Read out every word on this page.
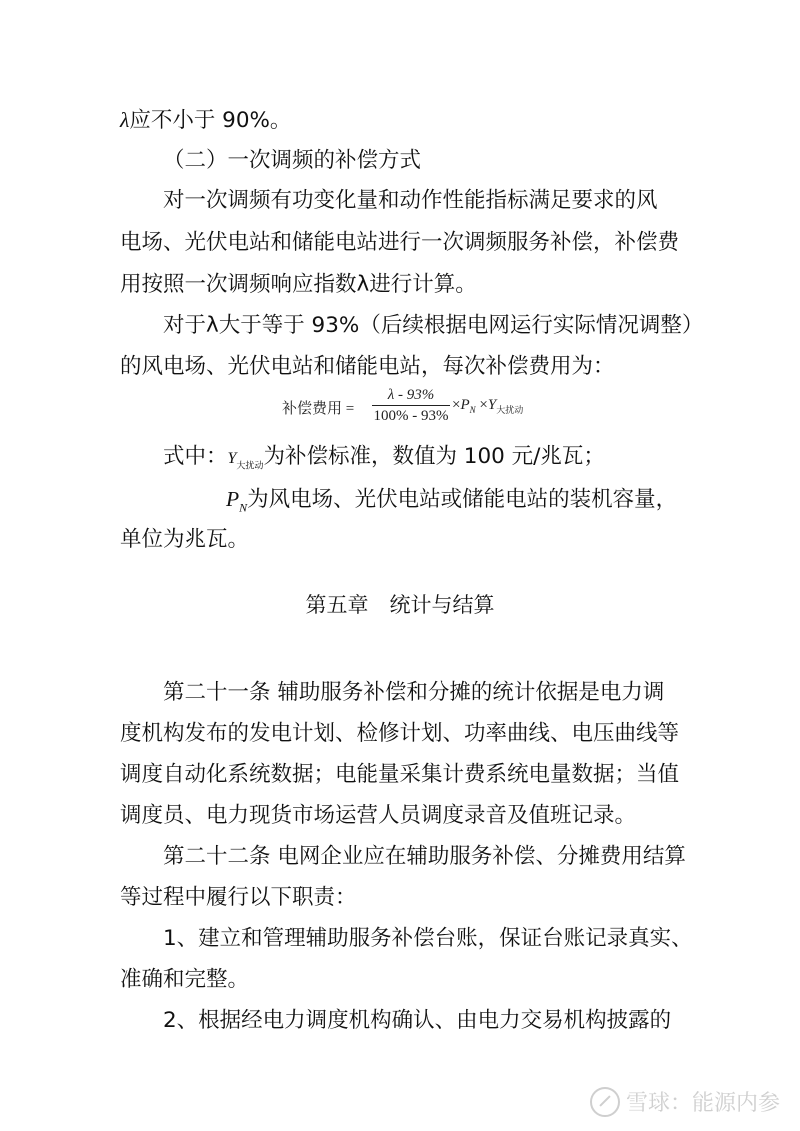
λ应不小于 90%。
（二）一次调频的补偿方式
对一次调频有功变化量和动作性能指标满足要求的风
电场、光伏电站和储能电站进行一次调频服务补偿，补偿费
用按照一次调频响应指数λ进行计算。
对于λ大于等于 93%（后续根据电网运行实际情况调整）
的风电场、光伏电站和储能电站，每次补偿费用为：
补偿费用 =
λ - 93%
100% - 93%
$\times P_N \times Y_{大扰动}$
式中：$Y_{大扰动}$为补偿标准，数值为 100 元/兆瓦；
$P_N$为风电场、光伏电站或储能电站的装机容量，
单位为兆瓦。
第五章　统计与结算
第二十一条 辅助服务补偿和分摊的统计依据是电力调
度机构发布的发电计划、检修计划、功率曲线、电压曲线等
调度自动化系统数据；电能量采集计费系统电量数据；当值
调度员、电力现货市场运营人员调度录音及值班记录。
第二十二条 电网企业应在辅助服务补偿、分摊费用结算
等过程中履行以下职责：
1、建立和管理辅助服务补偿台账，保证台账记录真实、
准确和完整。
2、根据经电力调度机构确认、由电力交易机构披露的
雪球：能源内参
